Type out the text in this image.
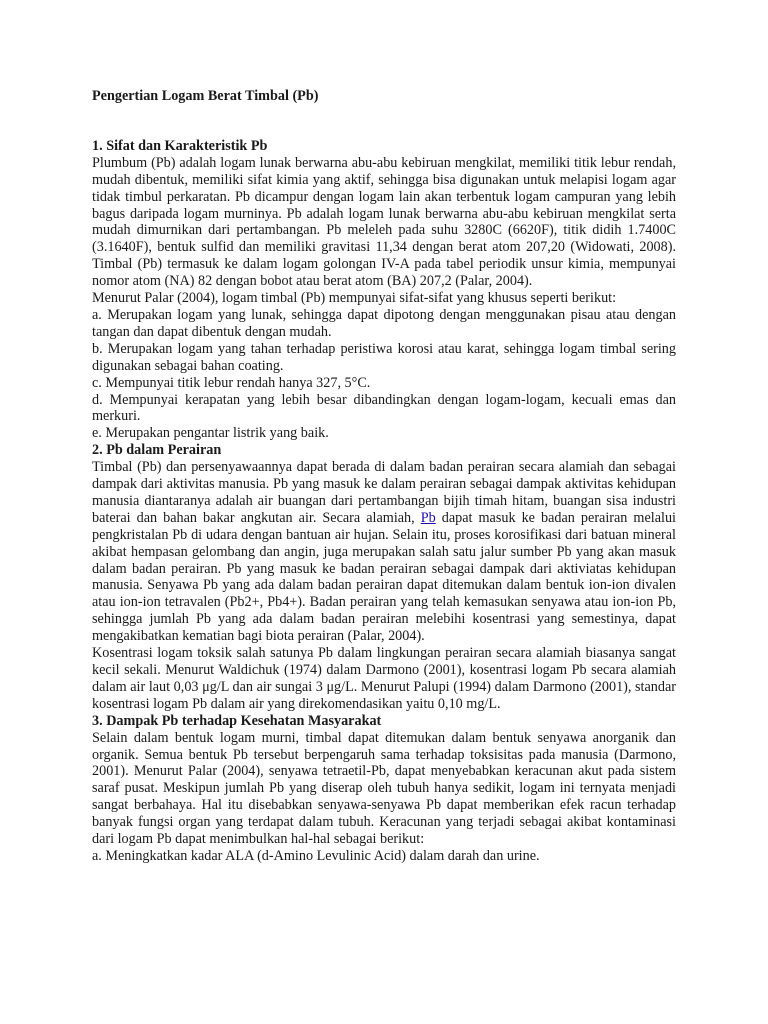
Pengertian Logam Berat Timbal (Pb)

1. Sifat dan Karakteristik Pb

Plumbum (Pb) adalah logam lunak berwarna abu-abu kebiruan mengkilat, memiliki titik lebur rendah, mudah dibentuk, memiliki sifat kimia yang aktif, sehingga bisa digunakan untuk melapisi logam agar tidak timbul perkaratan. Pb dicampur dengan logam lain akan terbentuk logam campuran yang lebih bagus daripada logam murninya. Pb adalah logam lunak berwarna abu-abu kebiruan mengkilat serta mudah dimurnikan dari pertambangan. Pb meleleh pada suhu 3280C (6620F), titik didih 1.7400C (3.1640F), bentuk sulfid dan memiliki gravitasi 11,34 dengan berat atom 207,20 (Widowati, 2008). Timbal (Pb) termasuk ke dalam logam golongan IV-A pada tabel periodik unsur kimia, mempunyai nomor atom (NA) 82 dengan bobot atau berat atom (BA) 207,2 (Palar, 2004).

Menurut Palar (2004), logam timbal (Pb) mempunyai sifat-sifat yang khusus seperti berikut:

a. Merupakan logam yang lunak, sehingga dapat dipotong dengan menggunakan pisau atau dengan tangan dan dapat dibentuk dengan mudah.

b. Merupakan logam yang tahan terhadap peristiwa korosi atau karat, sehingga logam timbal sering digunakan sebagai bahan coating.

c. Mempunyai titik lebur rendah hanya 327, 5°C.

d. Mempunyai kerapatan yang lebih besar dibandingkan dengan logam-logam, kecuali emas dan merkuri.

e. Merupakan pengantar listrik yang baik.

2. Pb dalam Perairan

Timbal (Pb) dan persenyawaannya dapat berada di dalam badan perairan secara alamiah dan sebagai dampak dari aktivitas manusia. Pb yang masuk ke dalam perairan sebagai dampak aktivitas kehidupan manusia diantaranya adalah air buangan dari pertambangan bijih timah hitam, buangan sisa industri baterai dan bahan bakar angkutan air. Secara alamiah, Pb dapat masuk ke badan perairan melalui pengkristalan Pb di udara dengan bantuan air hujan. Selain itu, proses korosifikasi dari batuan mineral akibat hempasan gelombang dan angin, juga merupakan salah satu jalur sumber Pb yang akan masuk dalam badan perairan. Pb yang masuk ke badan perairan sebagai dampak dari aktiviatas kehidupan manusia. Senyawa Pb yang ada dalam badan perairan dapat ditemukan dalam bentuk ion-ion divalen atau ion-ion tetravalen (Pb2+, Pb4+). Badan perairan yang telah kemasukan senyawa atau ion-ion Pb, sehingga jumlah Pb yang ada dalam badan perairan melebihi kosentrasi yang semestinya, dapat mengakibatkan kematian bagi biota perairan (Palar, 2004).

Kosentrasi logam toksik salah satunya Pb dalam lingkungan perairan secara alamiah biasanya sangat kecil sekali. Menurut Waldichuk (1974) dalam Darmono (2001), kosentrasi logam Pb secara alamiah dalam air laut 0,03 μg/L dan air sungai 3 μg/L. Menurut Palupi (1994) dalam Darmono (2001), standar kosentrasi logam Pb dalam air yang direkomendasikan yaitu 0,10 mg/L.

3. Dampak Pb terhadap Kesehatan Masyarakat

Selain dalam bentuk logam murni, timbal dapat ditemukan dalam bentuk senyawa anorganik dan organik. Semua bentuk Pb tersebut berpengaruh sama terhadap toksisitas pada manusia (Darmono, 2001). Menurut Palar (2004), senyawa tetraetil-Pb, dapat menyebabkan keracunan akut pada sistem saraf pusat. Meskipun jumlah Pb yang diserap oleh tubuh hanya sedikit, logam ini ternyata menjadi sangat berbahaya. Hal itu disebabkan senyawa-senyawa Pb dapat memberikan efek racun terhadap banyak fungsi organ yang terdapat dalam tubuh. Keracunan yang terjadi sebagai akibat kontaminasi dari logam Pb dapat menimbulkan hal-hal sebagai berikut:

a. Meningkatkan kadar ALA (d-Amino Levulinic Acid) dalam darah dan urine.
